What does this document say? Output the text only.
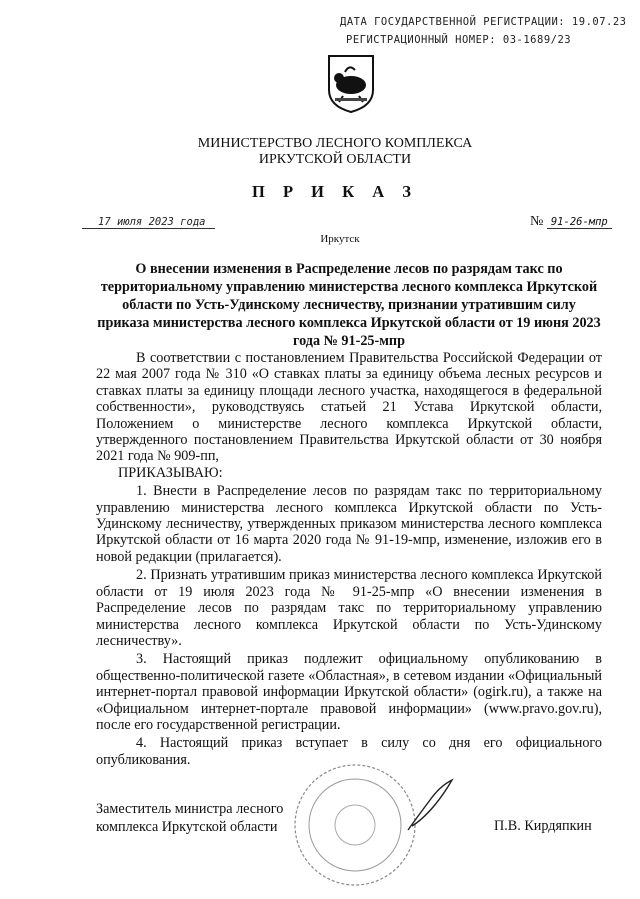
ДАТА ГОСУДАРСТВЕННОЙ РЕГИСТРАЦИИ: 19.07.23
РЕГИСТРАЦИОННЫЙ НОМЕР: 03-1689/23
МИНИСТЕРСТВО ЛЕСНОГО КОМПЛЕКСА
ИРКУТСКОЙ ОБЛАСТИ
П Р И К А З
17 июля 2023 года	№ 91-26-мпр
Иркутск
О внесении изменения в Распределение лесов по разрядам такс по территориальному управлению министерства лесного комплекса Иркутской области по Усть-Удинскому лесничеству, признании утратившим силу приказа министерства лесного комплекса Иркутской области от 19 июня 2023 года № 91-25-мпр

В соответствии с постановлением Правительства Российской Федерации от 22 мая 2007 года № 310 «О ставках платы за единицу объема лесных ресурсов и ставках платы за единицу площади лесного участка, находящегося в федеральной собственности», руководствуясь статьей 21 Устава Иркутской области, Положением о министерстве лесного комплекса Иркутской области, утвержденного постановлением Правительства Иркутской области от 30 ноября 2021 года № 909-пп,

ПРИКАЗЫВАЮ:

1. Внести в Распределение лесов по разрядам такс по территориальному управлению министерства лесного комплекса Иркутской области по Усть-Удинскому лесничеству, утвержденных приказом министерства лесного комплекса Иркутской области от 16 марта 2020 года № 91-19-мпр, изменение, изложив его в новой редакции (прилагается).

2. Признать утратившим приказ министерства лесного комплекса Иркутской области от 19 июля 2023 года № 91-25-мпр «О внесении изменения в Распределение лесов по разрядам такс по территориальному управлению министерства лесного комплекса Иркутской области по Усть-Удинскому лесничеству».

3. Настоящий приказ подлежит официальному опубликованию в общественно-политической газете «Областная», в сетевом издании «Официальный интернет-портал правовой информации Иркутской области» (ogirk.ru), а также на «Официальном интернет-портале правовой информации» (www.pravo.gov.ru), после его государственной регистрации.

4. Настоящий приказ вступает в силу со дня его официального опубликования.

Заместитель министра лесного
комплекса Иркутской области	П.В. Кирдяпкин
